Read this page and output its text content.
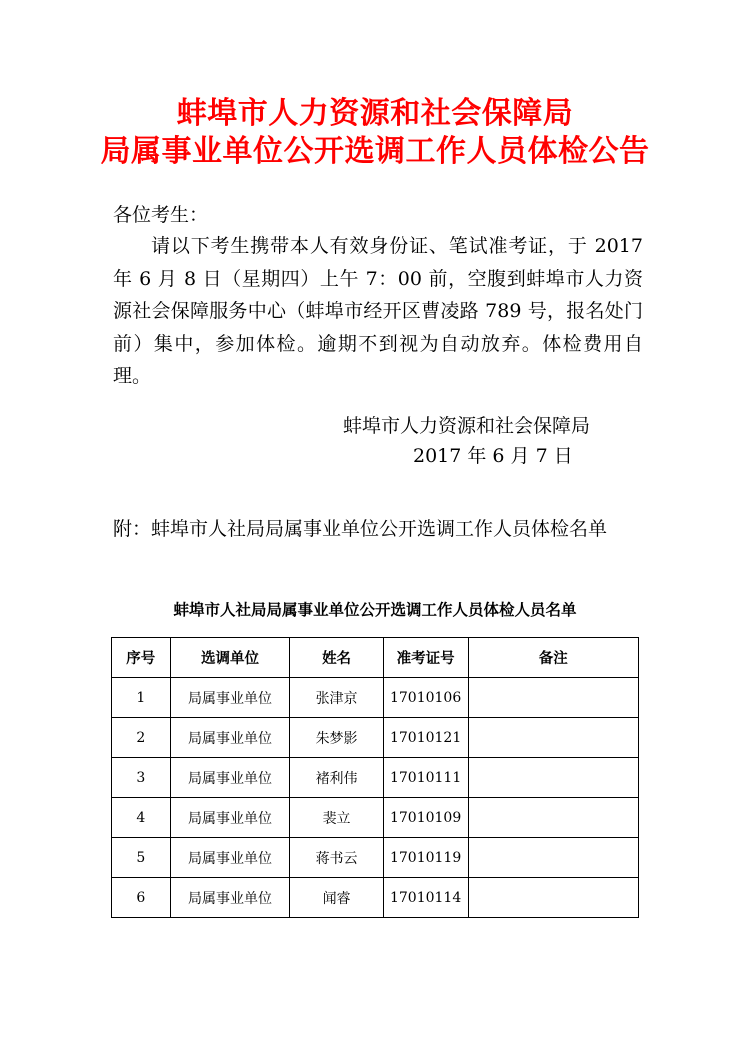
蚌埠市人力资源和社会保障局
局属事业单位公开选调工作人员体检公告
各位考生：
请以下考生携带本人有效身份证、笔试准考证，于 2017 年 6 月 8 日（星期四）上午 7：00 前，空腹到蚌埠市人力资源社会保障服务中心（蚌埠市经开区曹凌路 789 号，报名处门前）集中，参加体检。逾期不到视为自动放弃。体检费用自理。
蚌埠市人力资源和社会保障局
2017 年 6 月 7 日
附：蚌埠市人社局局属事业单位公开选调工作人员体检名单
蚌埠市人社局局属事业单位公开选调工作人员体检人员名单
序号	选调单位	姓名	准考证号	备注
1	局属事业单位	张津京	17010106	
2	局属事业单位	朱梦影	17010121	
3	局属事业单位	褚利伟	17010111	
4	局属事业单位	裴立	17010109	
5	局属事业单位	蒋书云	17010119	
6	局属事业单位	闻睿	17010114	
